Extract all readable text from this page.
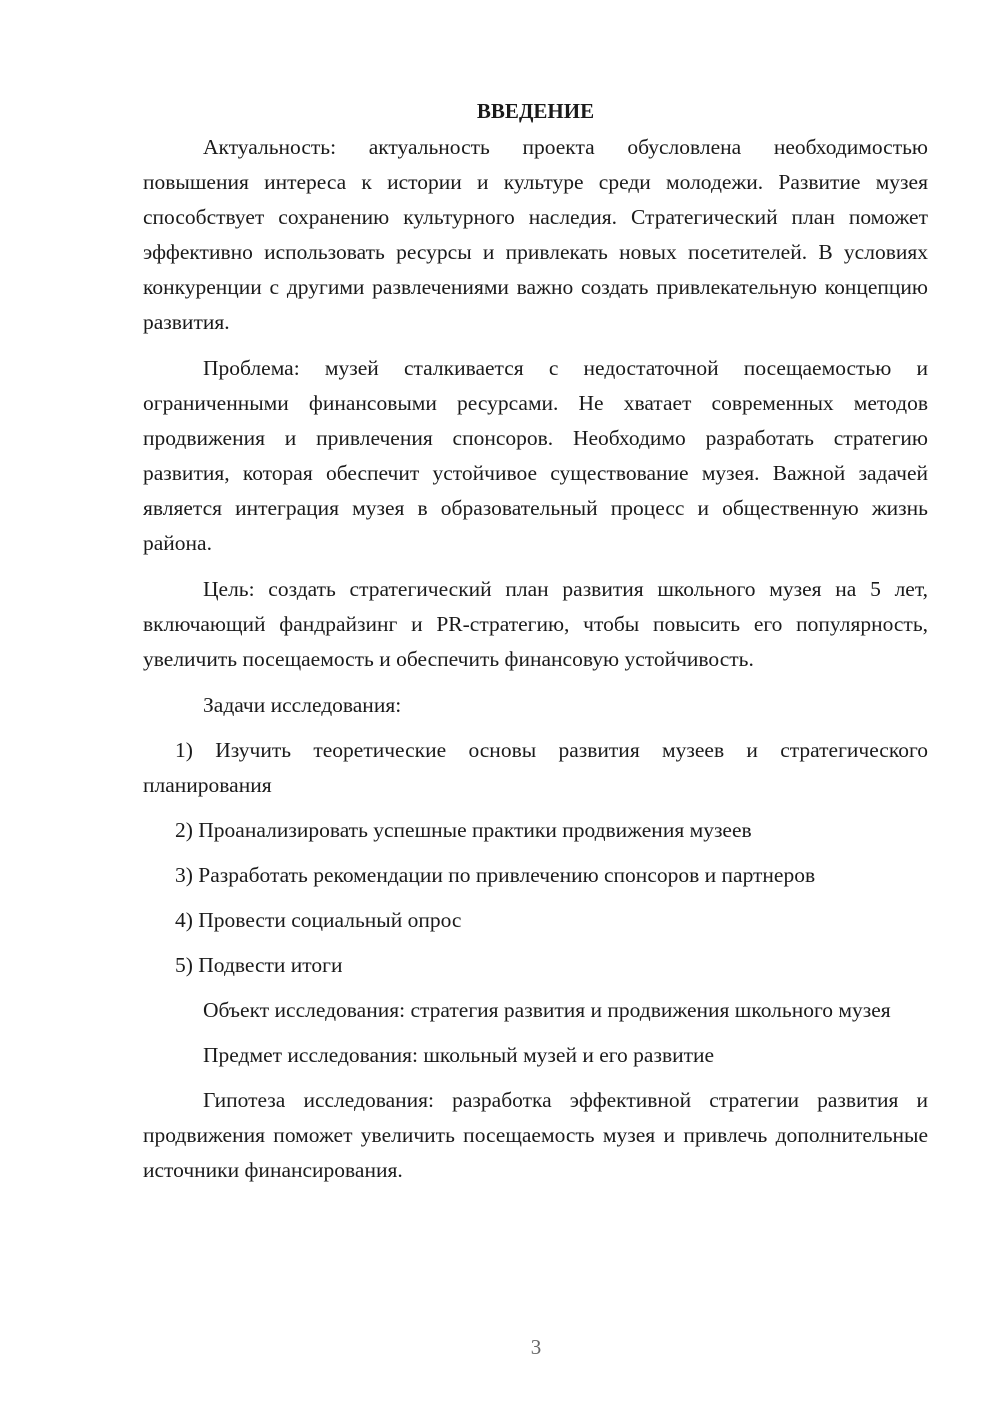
ВВЕДЕНИЕ

Актуальность: актуальность проекта обусловлена необходимостью повышения интереса к истории и культуре среди молодежи. Развитие музея способствует сохранению культурного наследия. Стратегический план поможет эффективно использовать ресурсы и привлекать новых посетителей. В условиях конкуренции с другими развлечениями важно создать привлекательную концепцию развития.

Проблема: музей сталкивается с недостаточной посещаемостью и ограниченными финансовыми ресурсами. Не хватает современных методов продвижения и привлечения спонсоров. Необходимо разработать стратегию развития, которая обеспечит устойчивое существование музея. Важной задачей является интеграция музея в образовательный процесс и общественную жизнь района.

Цель: создать стратегический план развития школьного музея на 5 лет, включающий фандрайзинг и PR-стратегию, чтобы повысить его популярность, увеличить посещаемость и обеспечить финансовую устойчивость.

Задачи исследования:

1) Изучить теоретические основы развития музеев и стратегического планирования

2) Проанализировать успешные практики продвижения музеев

3) Разработать рекомендации по привлечению спонсоров и партнеров

4) Провести социальный опрос

5) Подвести итоги

Объект исследования: стратегия развития и продвижения школьного музея

Предмет исследования: школьный музей и его развитие

Гипотеза исследования: разработка эффективной стратегии развития и продвижения поможет увеличить посещаемость музея и привлечь дополнительные источники финансирования.

3
